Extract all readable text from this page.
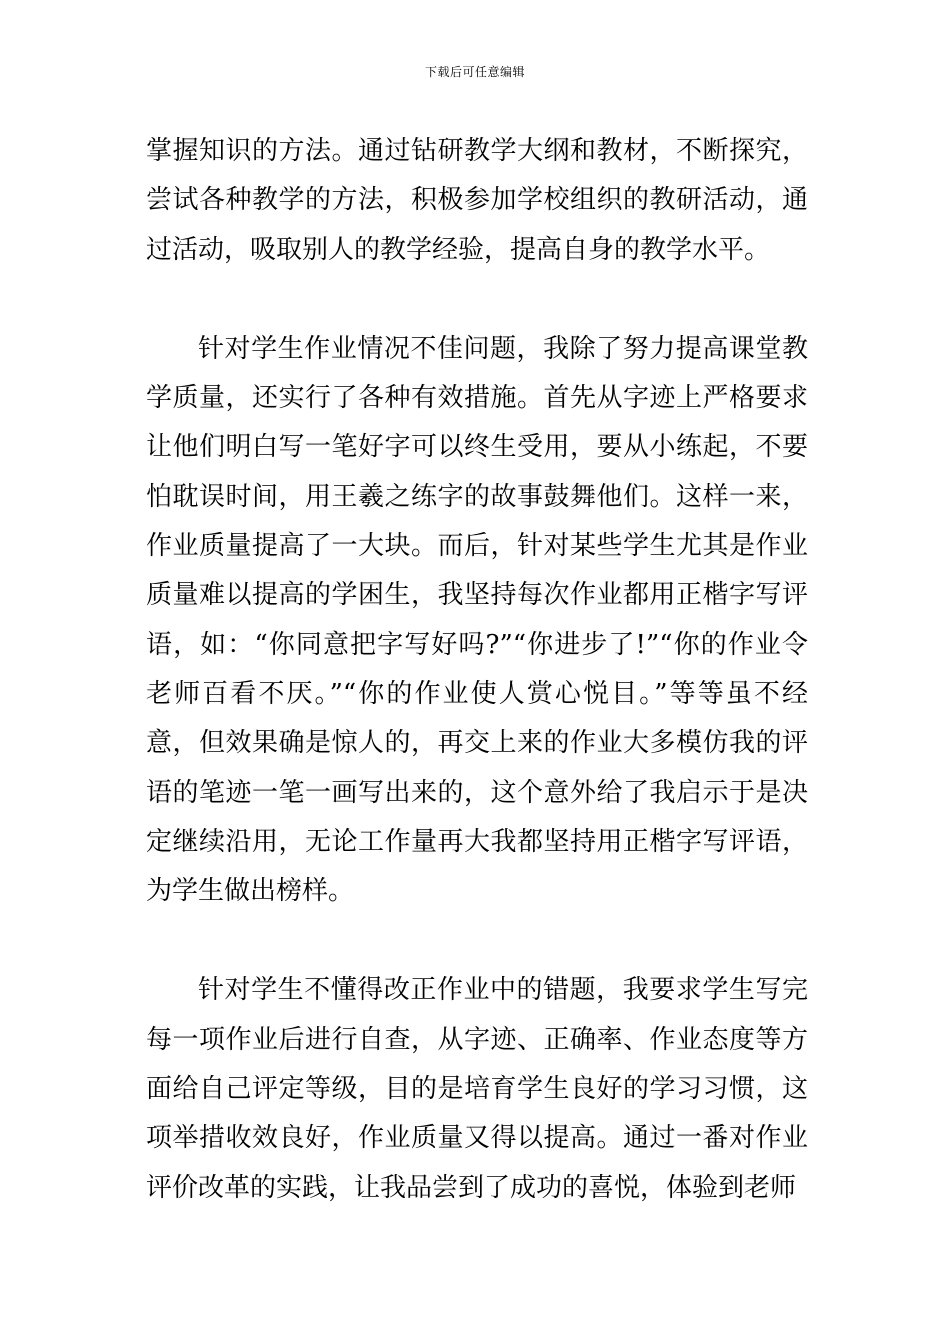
下载后可任意编辑

掌握知识的方法。通过钻研教学大纲和教材，不断探究，尝试各种教学的方法，积极参加学校组织的教研活动，通过活动，吸取别人的教学经验，提高自身的教学水平。

针对学生作业情况不佳问题，我除了努力提高课堂教学质量，还实行了各种有效措施。首先从字迹上严格要求让他们明白写一笔好字可以终生受用，要从小练起，不要怕耽误时间，用王羲之练字的故事鼓舞他们。这样一来，作业质量提高了一大块。而后，针对某些学生尤其是作业质量难以提高的学困生，我坚持每次作业都用正楷字写评语，如：“你同意把字写好吗?”“你进步了!”“你的作业令老师百看不厌。”“你的作业使人赏心悦目。”等等虽不经意，但效果确是惊人的，再交上来的作业大多模仿我的评语的笔迹一笔一画写出来的，这个意外给了我启示于是决定继续沿用，无论工作量再大我都坚持用正楷字写评语，为学生做出榜样。

针对学生不懂得改正作业中的错题，我要求学生写完每一项作业后进行自查，从字迹、正确率、作业态度等方面给自己评定等级，目的是培育学生良好的学习习惯，这项举措收效良好，作业质量又得以提高。通过一番对作业评价改革的实践，让我品尝到了成功的喜悦，体验到老师
